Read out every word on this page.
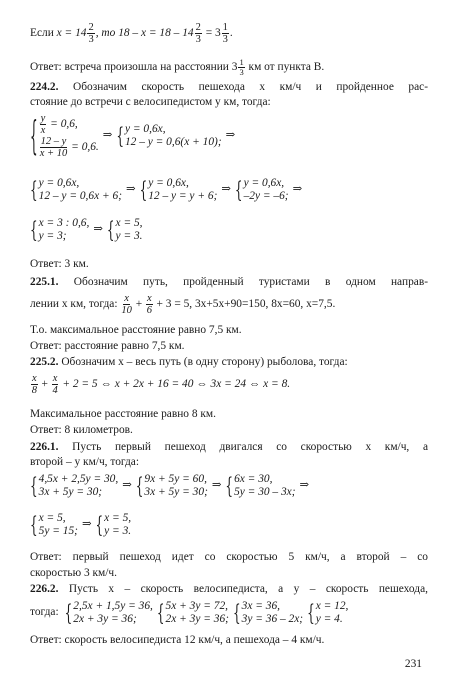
Если $x = 14 \frac{2}{3}$ , то $18 - x = 18 - 14 \frac{2}{3} = 3 \frac{1}{3}$ .
Ответ: встреча произошла на расстоянии 3 1
3 км от пункта B.
224.2. Обозначим скорость пешехода x км/ч и пройденное рас-
стояние до встречи с велосипедистом y км, тогда:
{ $\frac{y}{x} = 0,6$,
$\frac{12 - y}{x + 10} = 0,6$.
⇒ { y = 0,6x,
12 – y = 0,6(x + 10);
⇒
{ y = 0,6x,
12 – y = 0,6x + 6;
⇒ { y = 0,6x,
12 – y = y + 6;
⇒ { y = 0,6x,
–2y = –6;
⇒
{ x = 3 : 0,6,
y = 3;
⇒ { x = 5,
y = 3.
Ответ: 3 км.
225.1. Обозначим путь, пройденный туристами в одном направ-
лении x км, тогда: $\frac{x}{10} + \frac{x}{6} + 3 = 5$, 3x+5x+90=150, 8x=60, x=7,5.
Т.о. максимальное расстояние равно 7,5 км.
Ответ: расстояние равно 7,5 км.
225.2. Обозначим x – весь путь (в одну сторону) рыболова, тогда:
$\frac{x}{8} + \frac{x}{4} + 2 = 5$ ⇔ x + 2x + 16 = 40 ⇔ 3x = 24 ⇔ x = 8.
Максимальное расстояние равно 8 км.
Ответ: 8 километров.
226.1. Пусть первый пешеход двигался со скоростью x км/ч, а
второй – y км/ч, тогда:
{ 4,5x + 2,5y = 30,
3x + 5y = 30;
⇒ { 9x + 5y = 60,
3x + 5y = 30;
⇒ { 6x = 30,
5y = 30 – 3x;
⇒
{ x = 5,
5y = 15;
⇒ { x = 5,
y = 3.
Ответ: первый пешеход идет со скоростью 5 км/ч, а второй – со
скоростью 3 км/ч.
226.2. Пусть x – скорость велосипедиста, а y – скорость пешехода,
тогда: { 2,5x + 1,5y = 36,
2x + 3y = 36;	{ 5x + 3y = 72,
2x + 3y = 36; { 3x = 36,
3y = 36 – 2x; { x = 12,
y = 4.
Ответ: скорость велосипедиста 12 км/ч, а пешехода – 4 км/ч.
231
